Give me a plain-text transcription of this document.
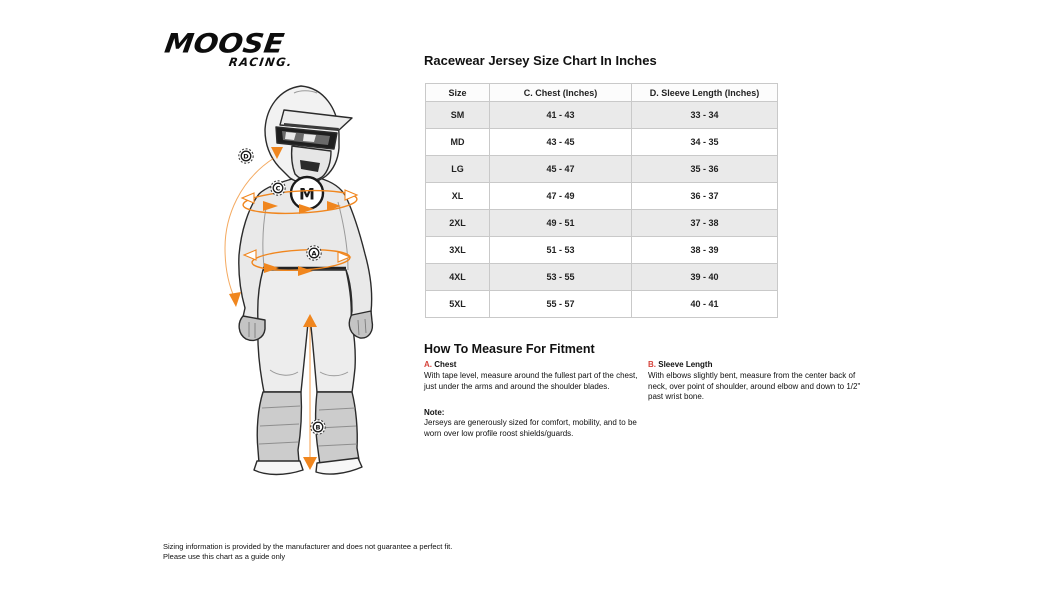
MOOSE
RACING.
M
D
C
A
B
Racewear Jersey Size Chart In Inches
Size	C. Chest (Inches)	D. Sleeve Length (Inches)
SM	41 - 43	33 - 34
MD	43 - 45	34 - 35
LG	45 - 47	35 - 36
XL	47 - 49	36 - 37
2XL	49 - 51	37 - 38
3XL	51 - 53	38 - 39
4XL	53 - 55	39 - 40
5XL	55 - 57	40 - 41
How To Measure For Fitment
A. Chest

With tape level, measure around the fullest part of the chest, just under the arms and around the shoulder blades.

B. Sleeve Length

With elbows slightly bent, measure from the center back of neck, over point of shoulder, around elbow and down to 1/2" past wrist bone.

Note:

Jerseys are generously sized for comfort, mobility, and to be worn over low profile roost shields/guards.

Sizing information is provided by the manufacturer and does not guarantee a perfect fit.
Please use this chart as a guide only
